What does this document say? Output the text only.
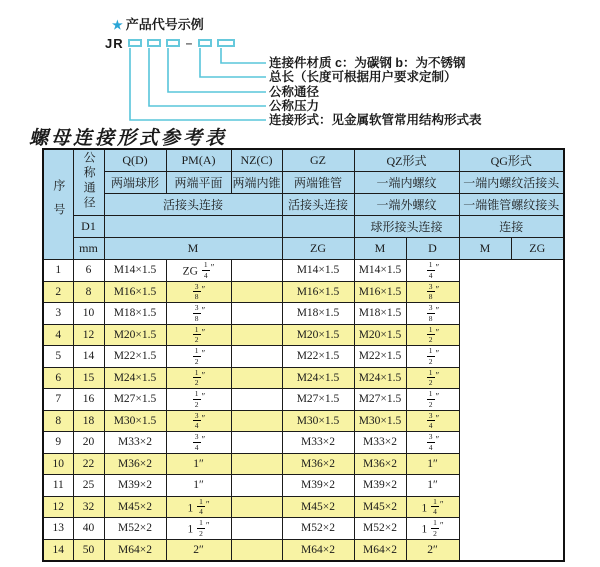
★ 产品代号示例
JR	–
连接件材质 c：为碳钢 b：为不锈钢
总长（长度可根据用户要求定制）
公称通径
公称压力
连接形式：见金属软管常用结构形式表
螺母连接形式参考表
序号	公称通径	Q(D)	PM(A)	NZ(C)	GZ	QZ形式		QG形式	
		两端球形	两端平面	两端内锥	两端锥管	一端内螺纹		一端内螺纹活接头	
		活接头连接			活接头连接	一端外螺纹		一端锥管螺纹接头	
	D1					球形接头连接		连接	
	mm	M			ZG	M	D	M	ZG
1	6	M14×1.5	ZG $\frac{1}{4} ''$		M14×1.5	M14×1.5	$\frac{1}{4} ''$
2	8	M16×1.5	$\frac{3}{8} ''$		M16×1.5	M16×1.5	$\frac{3}{8} ''$
3	10	M18×1.5	$\frac{3}{8} ''$		M18×1.5	M18×1.5	$\frac{3}{8} ''$
4	12	M20×1.5	$\frac{1}{2} ''$		M20×1.5	M20×1.5	$\frac{1}{2} ''$
5	14	M22×1.5	$\frac{1}{2} ''$		M22×1.5	M22×1.5	$\frac{1}{2} ''$
6	15	M24×1.5	$\frac{1}{2} ''$		M24×1.5	M24×1.5	$\frac{1}{2} ''$
7	16	M27×1.5	$\frac{1}{2} ''$		M27×1.5	M27×1.5	$\frac{1}{2} ''$
8	18	M30×1.5	$\frac{3}{4} ''$		M30×1.5	M30×1.5	$\frac{3}{4} ''$
9	20	M33×2	$\frac{3}{4} ''$		M33×2	M33×2	$\frac{3}{4} ''$
10	22	M36×2	1″		M36×2	M36×2	1″		
11	25	M39×2	1″		M39×2	M39×2	1″		
12	32	M45×2	$1 \frac{1}{4} ''$		M45×2	M45×2	$1 \frac{1}{4} ''$
13	40	M52×2	$1 \frac{1}{2} ''$		M52×2	M52×2	$1 \frac{1}{2} ''$
14	50	M64×2	2″		M64×2	M64×2	2″		
